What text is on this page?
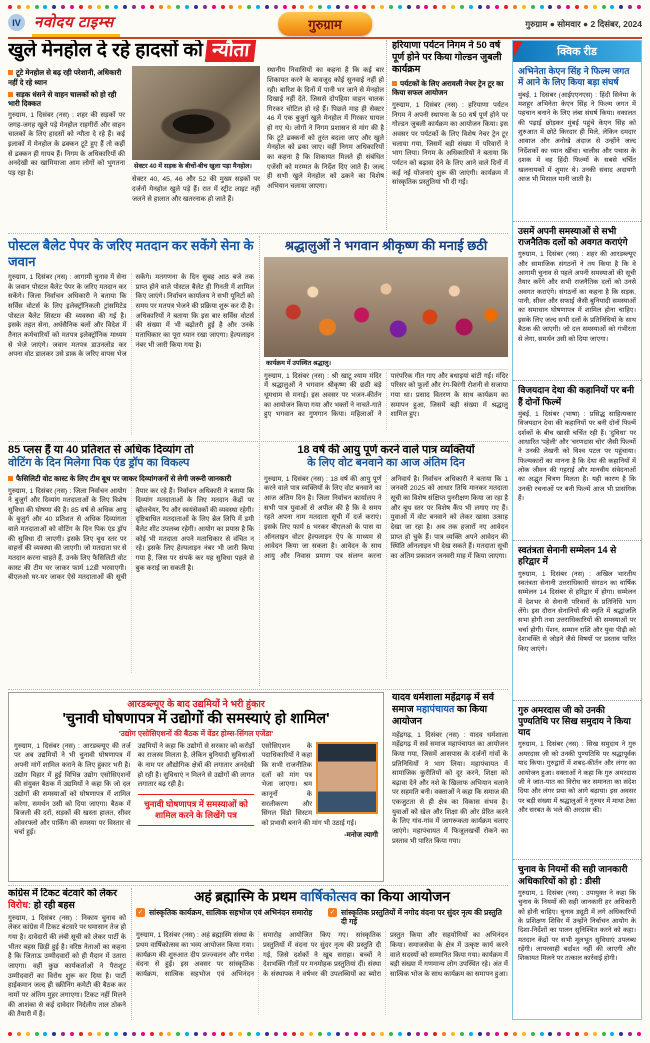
IV नवोदय टाइम्स	गुरुग्राम	गुरुग्राम ● सोमवार ● 2 दिसंबर, 2024
खुले मेनहोल दे रहे हादसों को न्यौता
टूटे मेनहोल से बढ़ रही परेशानी, अधिकारी नहीं दे रहे ध्यान
सड़क धंसने से वाहन चालकों को हो रही भारी दिक्कत
गुरुग्राम, 1 दिसंबर (नस) : शहर की सड़कों पर जगह-जगह खुले पड़े मेनहोल राहगीरों और वाहन चालकों के लिए हादसों को न्यौता दे रहे हैं। कई इलाकों में मेनहोल के ढक्कन टूटे हुए हैं तो कहीं से ढक्कन ही गायब हैं। निगम के अधिकारियों की अनदेखी का खामियाजा आम लोगों को भुगतना पड़ रहा है।
सेक्टर 40 में सड़क के बीचों-बीच खुला पड़ा मैनहोल।
सेक्टर 40, 45, 46 और 52 की मुख्य सड़कों पर दर्जनों मेनहोल खुले पड़े हैं। रात में स्ट्रीट लाइट नहीं जलने से हालात और खतरनाक हो जाते हैं।
स्थानीय निवासियों का कहना है कि कई बार शिकायत करने के बावजूद कोई सुनवाई नहीं हो रही। बारिश के दिनों में पानी भर जाने से मेनहोल दिखाई नहीं देते, जिससे दोपहिया वाहन चालक गिरकर चोटिल हो रहे हैं। पिछले माह ही सेक्टर 46 में एक बुजुर्ग खुले मेनहोल में गिरकर घायल हो गए थे। लोगों ने निगम प्रशासन से मांग की है कि टूटे ढक्कनों को तुरंत बदला जाए और खुले मेनहोल को ढका जाए। वहीं निगम अधिकारियों का कहना है कि शिकायत मिलते ही संबंधित एजेंसी को मरम्मत के निर्देश दिए जाते हैं। जल्द ही सभी खुले मेनहोल को ढकने का विशेष अभियान चलाया जाएगा।
हरियाणा पर्यटन निगम ने 50 वर्ष पूर्ण होने पर किया गोल्डन जुबली कार्यक्रम
पर्यटकों के लिए अरावली नेचर ट्रेन टूर का किया सफल आयोजन
गुरुग्राम, 1 दिसंबर (नस) : हरियाणा पर्यटन निगम ने अपनी स्थापना के 50 वर्ष पूर्ण होने पर गोल्डन जुबली कार्यक्रम का आयोजन किया। इस अवसर पर पर्यटकों के लिए विशेष नेचर ट्रेन टूर चलाया गया, जिसमें बड़ी संख्या में परिवारों ने भाग लिया। निगम के अधिकारियों ने बताया कि पर्यटन को बढ़ावा देने के लिए आने वाले दिनों में कई नई योजनाएं शुरू की जाएंगी। कार्यक्रम में सांस्कृतिक प्रस्तुतियां भी दी गईं।
क्विक रीड
अभिनेता केएन सिंह ने फिल्म जगत में आने के लिए किया बड़ा संघर्ष
मुंबई, 1 दिसंबर (आईएएनएस) : हिंदी सिनेमा के मशहूर अभिनेता केएन सिंह ने फिल्म जगत में पहचान बनाने के लिए लंबा संघर्ष किया। वकालत की पढ़ाई छोड़कर मुंबई पहुंचे केएन सिंह को शुरुआत में छोटे किरदार ही मिले, लेकिन दमदार आवाज और अनोखे अंदाज से उन्होंने जल्द निर्देशकों का ध्यान खींचा। चालीस और पचास के दशक में वह हिंदी फिल्मों के सबसे चर्चित खलनायकों में शुमार थे। उनकी संवाद अदायगी आज भी मिसाल मानी जाती है।
उसमें अपनी समस्याओं से सभी राजनैतिक दलों को अवगत कराएंगे
गुरुग्राम, 1 दिसंबर (नस) : शहर की आरडब्ल्यूए और सामाजिक संगठनों ने तय किया है कि वे आगामी चुनाव से पहले अपनी समस्याओं की सूची तैयार करेंगे और सभी राजनैतिक दलों को उनसे अवगत कराएंगे। संगठनों का कहना है कि सड़क, पानी, सीवर और सफाई जैसी बुनियादी समस्याओं का समाधान घोषणापत्र में शामिल होना चाहिए। इसके लिए जल्द सभी दलों के प्रतिनिधियों के साथ बैठक की जाएगी। जो दल समस्याओं को गंभीरता से लेगा, समर्थन उसी को दिया जाएगा।
विजयदान देथा की कहानियों पर बनी हैं दोनों फिल्में
मुंबई, 1 दिसंबर (भाषा) : प्रसिद्ध साहित्यकार विजयदान देथा की कहानियों पर बनी दोनों फिल्में दर्शकों के बीच खासी चर्चित रही हैं। 'दुविधा' पर आधारित 'पहेली' और 'चरणदास चोर' जैसी फिल्मों ने उनकी लेखनी को विश्व पटल पर पहुंचाया। फिल्मकारों का मानना है कि देथा की कहानियों में लोक जीवन की गहराई और मानवीय संवेदनाओं का अद्भुत चित्रण मिलता है। यही कारण है कि उनकी रचनाओं पर बनी फिल्में आज भी प्रासंगिक हैं।
स्वतंत्रता सेनानी सम्मेलन 14 से हरिद्वार में
गुरुग्राम, 1 दिसंबर (नस) : अखिल भारतीय स्वतंत्रता सेनानी उत्तराधिकारी संगठन का वार्षिक सम्मेलन 14 दिसंबर से हरिद्वार में होगा। सम्मेलन में देशभर से सेनानी परिवारों के प्रतिनिधि भाग लेंगे। इस दौरान सेनानियों की स्मृति में श्रद्धांजलि सभा होगी तथा उत्तराधिकारियों की समस्याओं पर चर्चा होगी। पेंशन, सम्मान राशि और युवा पीढ़ी को देशभक्ति से जोड़ने जैसे विषयों पर प्रस्ताव पारित किए जाएंगे।
गुरु अमरदास जी को उनकी पुण्यतिथि पर सिख समुदाय ने किया याद
गुरुग्राम, 1 दिसंबर (नस) : सिख समुदाय ने गुरु अमरदास जी को उनकी पुण्यतिथि पर श्रद्धापूर्वक याद किया। गुरुद्वारों में शबद-कीर्तन और लंगर का आयोजन हुआ। वक्ताओं ने कहा कि गुरु अमरदास जी ने जात-पात का विरोध कर समानता का संदेश दिया और लंगर प्रथा को आगे बढ़ाया। इस अवसर पर बड़ी संख्या में श्रद्धालुओं ने गुरुघर में माथा टेका और सरबत के भले की अरदास की।
चुनाव के नियमों की सही जानकारी अधिकारियों को हो : डीसी
गुरुग्राम, 1 दिसंबर (नस) : उपायुक्त ने कहा कि चुनाव के नियमों की सही जानकारी हर अधिकारी को होनी चाहिए। चुनाव ड्यूटी में लगे अधिकारियों के प्रशिक्षण शिविर में उन्होंने निर्वाचन आयोग के दिशा-निर्देशों का पालन सुनिश्चित करने को कहा। मतदान केंद्रों पर सभी मूलभूत सुविधाएं उपलब्ध रहेंगी। लापरवाही बर्दाश्त नहीं की जाएगी और शिकायत मिलने पर तत्काल कार्रवाई होगी।
पोस्टल बैलेट पेपर के जरिए मतदान कर सकेंगे सेना के जवान
गुरुग्राम, 1 दिसंबर (नस) : आगामी चुनाव में सेना के जवान पोस्टल बैलेट पेपर के जरिए मतदान कर सकेंगे। जिला निर्वाचन अधिकारी ने बताया कि सर्विस वोटर्स के लिए इलेक्ट्रॉनिकली ट्रांसमिटेड पोस्टल बैलेट सिस्टम की व्यवस्था की गई है। इसके तहत सेना, अर्धसैनिक बलों और विदेश में तैनात कर्मचारियों को मतपत्र इलेक्ट्रॉनिक माध्यम से भेजे जाएंगे। जवान मतपत्र डाउनलोड कर अपना वोट डालकर उसे डाक के जरिए वापस भेज सकेंगे। मतगणना के दिन सुबह आठ बजे तक प्राप्त होने वाले पोस्टल बैलेट ही गिनती में शामिल किए जाएंगे। निर्वाचन कार्यालय ने सभी यूनिटों को समय पर मतपत्र भेजने की प्रक्रिया शुरू कर दी है। अधिकारियों ने बताया कि इस बार सर्विस वोटर्स की संख्या में भी बढ़ोतरी हुई है और उनके मताधिकार का पूरा ध्यान रखा जाएगा। हेल्पलाइन नंबर भी जारी किया गया है।
श्रद्धालुओं ने भगवान श्रीकृष्ण की मनाई छठी
कार्यक्रम में उपस्थित श्रद्धालु।
गुरुग्राम, 1 दिसंबर (नस) : श्री खाटू श्याम मंदिर में श्रद्धालुओं ने भगवान श्रीकृष्ण की छठी बड़े धूमधाम से मनाई। इस अवसर पर भजन-कीर्तन का आयोजन किया गया और भक्तों ने नाचते-गाते हुए भगवान का गुणगान किया। महिलाओं ने पारंपरिक गीत गाए और बधाइयां बांटी गईं। मंदिर परिसर को फूलों और रंग-बिरंगी रोशनी से सजाया गया था। प्रसाद वितरण के साथ कार्यक्रम का समापन हुआ, जिसमें बड़ी संख्या में श्रद्धालु शामिल हुए।
85 प्लस हैं या 40 प्रतिशत से अधिक दिव्यांग तो
वोटिंग के दिन मिलेगा पिक एंड ड्रॉप का विकल्प
फैसिलिटी वोट कास्ट के लिए टीम बूथ पर जाकर दिव्यांगजनों से लेगी जरूरी जानकारी
गुरुग्राम, 1 दिसंबर (नस) : जिला निर्वाचन आयोग ने बुजुर्ग और दिव्यांग मतदाताओं के लिए विशेष सुविधा की घोषणा की है। 85 वर्ष से अधिक आयु के बुजुर्ग और 40 प्रतिशत से अधिक दिव्यांगता वाले मतदाताओं को वोटिंग के दिन पिक एंड ड्रॉप की सुविधा दी जाएगी। इसके लिए बूथ स्तर पर वाहनों की व्यवस्था की जाएगी। जो मतदाता घर से मतदान करना चाहते हैं, उनके लिए फैसिलिटी वोट कास्ट की टीम घर जाकर फार्म 12डी भरवाएगी। बीएलओ घर-घर जाकर ऐसे मतदाताओं की सूची तैयार कर रहे हैं। निर्वाचन अधिकारी ने बताया कि दिव्यांग मतदाताओं के लिए मतदान केंद्रों पर व्हीलचेयर, रैंप और स्वयंसेवकों की व्यवस्था रहेगी। दृष्टिबाधित मतदाताओं के लिए ब्रेल लिपि में डमी बैलेट शीट उपलब्ध रहेगी। आयोग का प्रयास है कि कोई भी मतदाता अपने मताधिकार से वंचित न रहे। इसके लिए हेल्पलाइन नंबर भी जारी किया गया है, जिस पर संपर्क कर यह सुविधा पहले से बुक कराई जा सकती है।
18 वर्ष की आयु पूर्ण करने वाले पात्र व्यक्तियों
के लिए वोट बनवाने का आज अंतिम दिन
गुरुग्राम, 1 दिसंबर (नस) : 18 वर्ष की आयु पूर्ण करने वाले पात्र व्यक्तियों के लिए वोट बनवाने का आज अंतिम दिन है। जिला निर्वाचन कार्यालय ने सभी पात्र युवाओं से अपील की है कि वे समय रहते अपना नाम मतदाता सूची में दर्ज कराएं। इसके लिए फार्म 6 भरकर बीएलओ के पास या ऑनलाइन वोटर हेल्पलाइन ऐप के माध्यम से आवेदन किया जा सकता है। आवेदन के साथ आयु और निवास प्रमाण पत्र संलग्न करना अनिवार्य है। निर्वाचन अधिकारी ने बताया कि 1 जनवरी 2025 को आधार तिथि मानकर मतदाता सूची का विशेष संक्षिप्त पुनरीक्षण किया जा रहा है और बूथ स्तर पर विशेष कैंप भी लगाए गए हैं। युवाओं में वोट बनवाने को लेकर खासा उत्साह देखा जा रहा है। अब तक हजारों नए आवेदन प्राप्त हो चुके हैं। पात्र व्यक्ति अपने आवेदन की स्थिति ऑनलाइन भी देख सकते हैं। मतदाता सूची का अंतिम प्रकाशन जनवरी माह में किया जाएगा।
आरडब्ल्यूए के बाद उद्यमियों ने भरी हुंकार
'चुनावी घोषणापत्र में उद्योगों की समस्याएं हो शामिल'
'उद्योग एसोसिएशनों की बैठक में वेंडर होम्स-सिंगल एजेंडा'
गुरुग्राम, 1 दिसंबर (नस) : आरडब्ल्यूए की तर्ज पर अब उद्यमियों ने भी चुनावी घोषणापत्र में अपनी मांगें शामिल कराने के लिए हुंकार भरी है। उद्योग विहार में हुई विभिन्न उद्योग एसोसिएशनों की संयुक्त बैठक में उद्यमियों ने कहा कि जो दल उद्योगों की समस्याओं को घोषणापत्र में शामिल करेगा, समर्थन उसी को दिया जाएगा। बैठक में बिजली की दरों, सड़कों की खस्ता हालत, सीवर ओवरफ्लो और पार्किंग की समस्या पर विस्तार से चर्चा हुई।
उद्यमियों ने कहा कि उद्योगों से सरकार को करोड़ों का राजस्व मिलता है, लेकिन बुनियादी सुविधाओं के नाम पर औद्योगिक क्षेत्रों की लगातार अनदेखी हो रही है। सुविधाएं न मिलने से उद्योगों की लागत लगातार बढ़ रही है।
चुनावी घोषणापत्र में समस्याओं को शामिल करने के लिखेंगे पत्र
एसोसिएशन के पदाधिकारियों ने कहा कि सभी राजनीतिक दलों को मांग पत्र भेजा जाएगा। श्रम कानूनों के सरलीकरण और सिंगल विंडो सिस्टम को प्रभावी बनाने की मांग भी उठाई गई।
-मनोज त्यागी
यादव धर्मशाला महेंद्रगढ़ में सर्व समाज महापंचायत का किया आयोजन
महेंद्रगढ़, 1 दिसंबर (नस) : यादव धर्मशाला महेंद्रगढ़ में सर्व समाज महापंचायत का आयोजन किया गया, जिसमें आसपास के दर्जनों गांवों के प्रतिनिधियों ने भाग लिया। महापंचायत में सामाजिक कुरीतियों को दूर करने, शिक्षा को बढ़ावा देने और नशे के खिलाफ अभियान चलाने पर सहमति बनी। वक्ताओं ने कहा कि समाज की एकजुटता से ही क्षेत्र का विकास संभव है। युवाओं को खेल और शिक्षा की ओर प्रेरित करने के लिए गांव-गांव में जागरूकता कार्यक्रम चलाए जाएंगे। महापंचायत में फिजूलखर्ची रोकने का प्रस्ताव भी पारित किया गया।
कांग्रेस में टिकट बंटवारे को लेकर विरोध: हो रही बहस
गुरुग्राम, 1 दिसंबर (नस) : निकाय चुनाव को लेकर कांग्रेस में टिकट बंटवारे पर घमासान तेज हो गया है। दावेदारों की लंबी सूची को लेकर पार्टी के भीतर बहस छिड़ी हुई है। वरिष्ठ नेताओं का कहना है कि जिताऊ उम्मीदवारों को ही मैदान में उतारा जाएगा। वहीं कुछ कार्यकर्ताओं ने पैराशूट उम्मीदवारों का विरोध शुरू कर दिया है। पार्टी हाईकमान जल्द ही स्क्रीनिंग कमेटी की बैठक कर नामों पर अंतिम मुहर लगाएगा। टिकट नहीं मिलने की आशंका से कई दावेदार निर्दलीय ताल ठोकने की तैयारी में हैं।
अहं ब्रह्मास्मि के प्रथम वार्षिकोत्सव का किया आयोजन
✓
सांस्कृतिक कार्यक्रम, सात्विक सहभोज एवं अभिनंदन समारोह ✓	सांस्कृतिक प्रस्तुतियों में नगोद वंदना पर सुंदर नृत्य की प्रस्तुति दी गई
गुरुग्राम, 1 दिसंबर (नस) : अहं ब्रह्मास्मि संस्था के प्रथम वार्षिकोत्सव का भव्य आयोजन किया गया। कार्यक्रम की शुरुआत दीप प्रज्ज्वलन और गणेश वंदना से हुई। इस अवसर पर सांस्कृतिक कार्यक्रम, सात्विक सहभोज एवं अभिनंदन समारोह आयोजित किए गए। सांस्कृतिक प्रस्तुतियों में वंदना पर सुंदर नृत्य की प्रस्तुति दी गई, जिसे दर्शकों ने खूब सराहा। बच्चों ने देशभक्ति गीतों पर मनमोहक प्रस्तुतियां दीं। संस्था के संस्थापक ने वर्षभर की उपलब्धियों का ब्योरा प्रस्तुत किया और सहयोगियों का अभिनंदन किया। समाजसेवा के क्षेत्र में उत्कृष्ट कार्य करने वाले सदस्यों को सम्मानित किया गया। कार्यक्रम में बड़ी संख्या में गणमान्य लोग उपस्थित रहे। अंत में सात्विक भोज के साथ कार्यक्रम का समापन हुआ।
